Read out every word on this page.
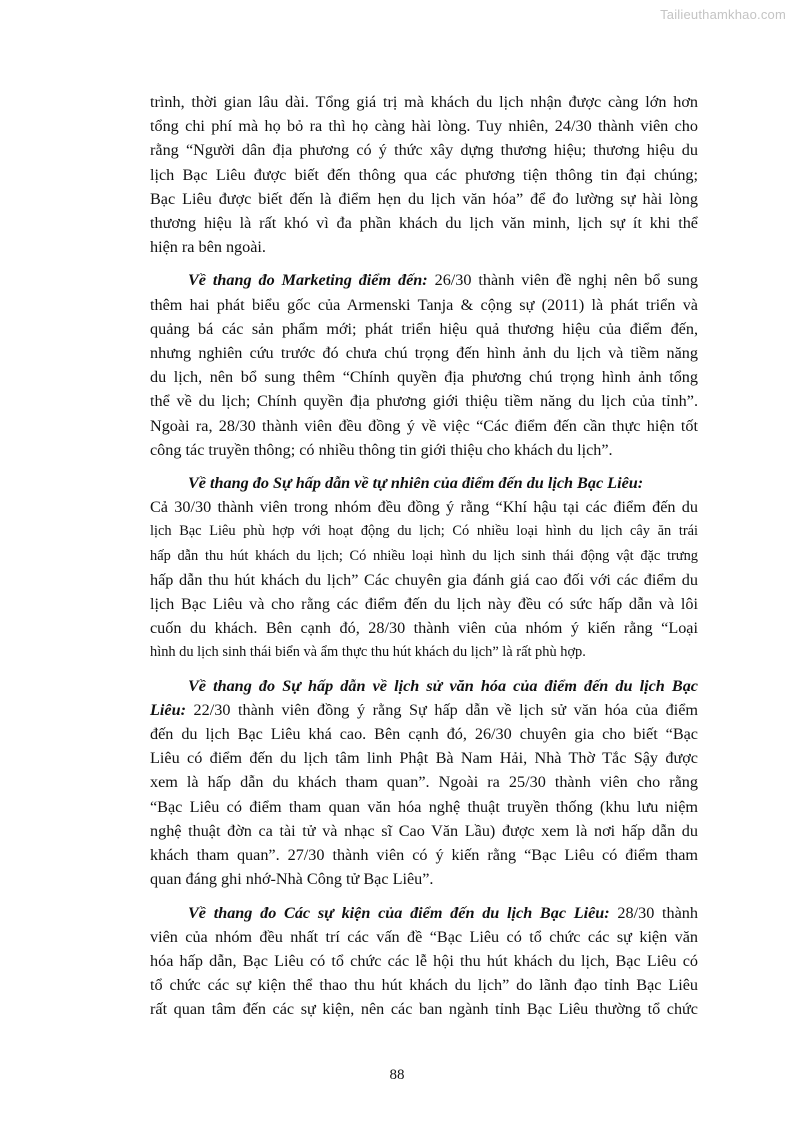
Tailieuthamkhao.com
trình, thời gian lâu dài. Tổng giá trị mà khách du lịch nhận được càng lớn hơn
tổng chi phí mà họ bỏ ra thì họ càng hài lòng. Tuy nhiên, 24/30 thành viên cho
rằng “Người dân địa phương có ý thức xây dựng thương hiệu; thương hiệu du
lịch Bạc Liêu được biết đến thông qua các phương tiện thông tin đại chúng;
Bạc Liêu được biết đến là điểm hẹn du lịch văn hóa” để đo lường sự hài lòng
thương hiệu là rất khó vì đa phần khách du lịch văn minh, lịch sự ít khi thể
hiện ra bên ngoài.
Về thang đo Marketing điểm đến: 26/30 thành viên đề nghị nên bổ sung
thêm hai phát biểu gốc của Armenski Tanja & cộng sự (2011) là phát triển và
quảng bá các sản phẩm mới; phát triển hiệu quả thương hiệu của điểm đến,
nhưng nghiên cứu trước đó chưa chú trọng đến hình ảnh du lịch và tiềm năng
du lịch, nên bổ sung thêm “Chính quyền địa phương chú trọng hình ảnh tổng
thể về du lịch; Chính quyền địa phương giới thiệu tiềm năng du lịch của tỉnh”.
Ngoài ra, 28/30 thành viên đều đồng ý về việc “Các điểm đến cần thực hiện tốt
công tác truyền thông; có nhiều thông tin giới thiệu cho khách du lịch”.
Về thang đo Sự hấp dẫn về tự nhiên của điểm đến du lịch Bạc Liêu:
Cả 30/30 thành viên trong nhóm đều đồng ý rằng “Khí hậu tại các điểm đến du
lịch Bạc Liêu phù hợp với hoạt động du lịch; Có nhiều loại hình du lịch cây ăn trái
hấp dẫn thu hút khách du lịch; Có nhiều loại hình du lịch sinh thái động vật đặc trưng
hấp dẫn thu hút khách du lịch” Các chuyên gia đánh giá cao đối với các điểm du
lịch Bạc Liêu và cho rằng các điểm đến du lịch này đều có sức hấp dẫn và lôi
cuốn du khách. Bên cạnh đó, 28/30 thành viên của nhóm ý kiến rằng “Loại
hình du lịch sinh thái biển và ẩm thực thu hút khách du lịch” là rất phù hợp.
Về thang đo Sự hấp dẫn về lịch sử văn hóa của điểm đến du lịch Bạc
Liêu: 22/30 thành viên đồng ý rằng Sự hấp dẫn về lịch sử văn hóa của điểm
đến du lịch Bạc Liêu khá cao. Bên cạnh đó, 26/30 chuyên gia cho biết “Bạc
Liêu có điểm đến du lịch tâm linh Phật Bà Nam Hải, Nhà Thờ Tắc Sậy được
xem là hấp dẫn du khách tham quan”. Ngoài ra 25/30 thành viên cho rằng
“Bạc Liêu có điểm tham quan văn hóa nghệ thuật truyền thống (khu lưu niệm
nghệ thuật đờn ca tài tử và nhạc sĩ Cao Văn Lầu) được xem là nơi hấp dẫn du
khách tham quan”. 27/30 thành viên có ý kiến rằng “Bạc Liêu có điểm tham
quan đáng ghi nhớ-Nhà Công tử Bạc Liêu”.
Về thang đo Các sự kiện của điểm đến du lịch Bạc Liêu: 28/30 thành
viên của nhóm đều nhất trí các vấn đề “Bạc Liêu có tổ chức các sự kiện văn
hóa hấp dẫn, Bạc Liêu có tổ chức các lễ hội thu hút khách du lịch, Bạc Liêu có
tổ chức các sự kiện thể thao thu hút khách du lịch” do lãnh đạo tỉnh Bạc Liêu
rất quan tâm đến các sự kiện, nên các ban ngành tỉnh Bạc Liêu thường tổ chức
88
